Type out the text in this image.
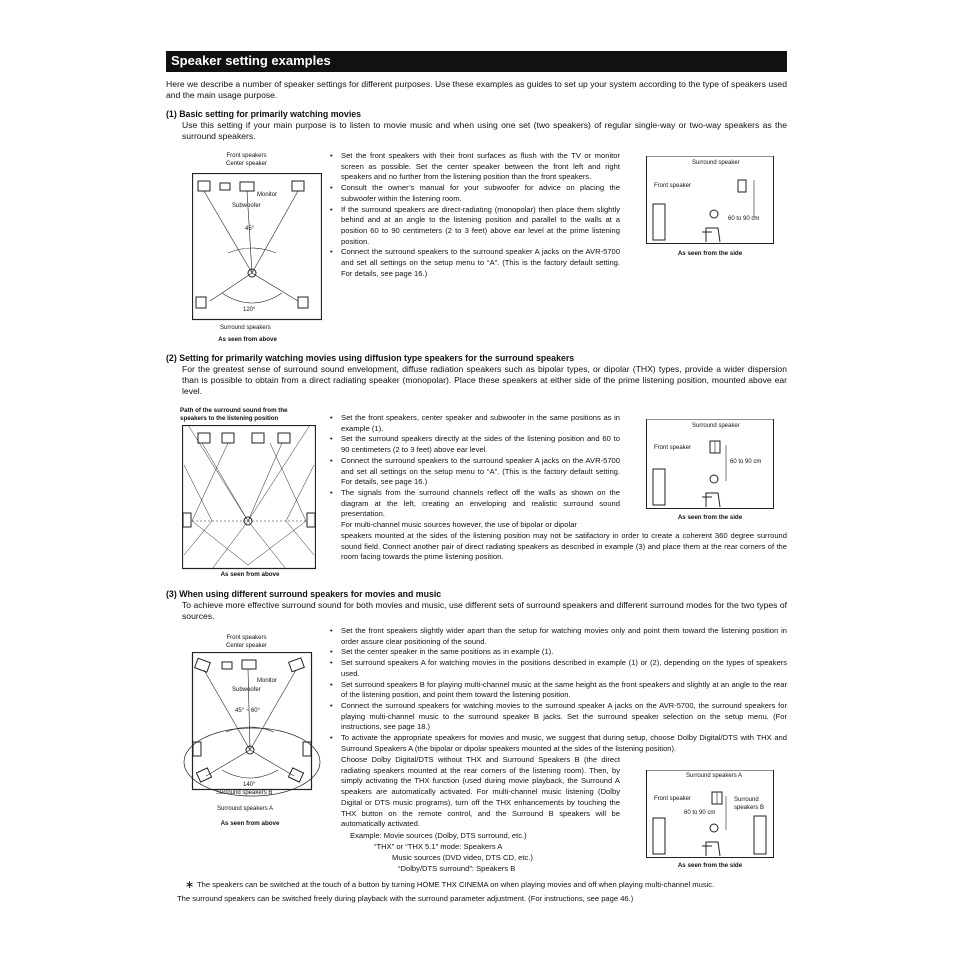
Speaker setting examples
Here we describe a number of speaker settings for different purposes. Use these examples as guides to set up your system according to the type of speakers used and the main usage purpose.
(1) Basic setting for primarily watching movies
Use this setting if your main purpose is to listen to movie music and when using one set (two speakers) of regular single-way or two-way speakers as the surround speakers.
Front speakers
Center speaker
Monitor
Subwoofer
45°
120°
Surround speakers
As seen from above
• Set the front speakers with their front surfaces as flush with the TV or monitor screen as possible. Set the center speaker between the front left and right speakers and no further from the listening position than the front speakers.
• Consult the owner’s manual for your subwoofer for advice on placing the subwoofer within the listening room.
• If the surround speakers are direct-radiating (monopolar) then place them slightly behind and at an angle to the listening position and parallel to the walls at a position 60 to 90 centimeters (2 to 3 feet) above ear level at the prime listening position.
• Connect the surround speakers to the surround speaker A jacks on the AVR-5700 and set all settings on the setup menu to “A”. (This is the factory default setting. For details, see page 16.)
Surround speaker
Front speaker
60 to 90 cm
As seen from the side
(2) Setting for primarily watching movies using diffusion type speakers for the surround speakers
For the greatest sense of surround sound envelopment, diffuse radiation speakers such as bipolar types, or dipolar (THX) types, provide a wider dispersion than is possible to obtain from a direct radiating speaker (monopolar). Place these speakers at either side of the prime listening position, mounted above ear level.
Path of the surround sound from the speakers to the listening position
As seen from above
• Set the front speakers, center speaker and subwoofer in the same positions as in example (1).
• Set the surround speakers directly at the sides of the listening position and 60 to 90 centimeters (2 to 3 feet) above ear level.
• Connect the surround speakers to the surround speaker A jacks on the AVR-5700 and set all settings on the setup menu to “A”. (This is the factory default setting. For details, see page 16.)
• The signals from the surround channels reflect off the walls as shown on the diagram at the left, creating an enveloping and realistic surround sound presentation.
For multi-channel music sources however, the use of bipolar or dipolar
speakers mounted at the sides of the listening position may not be satifactory in order to create a coherent 360 degree surround sound field. Connect another pair of direct radiating speakers as described in example (3) and place them at the rear corners of the room facing towards the prime listening position.
Surround speaker
Front speaker
60 to 90 cm
As seen from the side
(3) When using different surround speakers for movies and music
To achieve more effective surround sound for both movies and music, use different sets of surround speakers and different surround modes for the two types of sources.
Front speakers
Center speaker
Monitor
Subwoofer
45° ~ 60°
140°
Surround speakers B
Surround speakers A
As seen from above
• Set the front speakers slightly wider apart than the setup for watching movies only and point them toward the listening position in order assure clear positioning of the sound.
• Set the center speaker in the same positions as in example (1).
• Set surround speakers A for watching movies in the positions described in example (1) or (2), depending on the types of speakers used.
• Set surround speakers B for playing multi-channel music at the same height as the front speakers and slightly at an angle to the rear of the listening position, and point them toward the listening position.
• Connect the surround speakers for watching movies to the surround speaker A jacks on the AVR-5700, the surround speakers for playing multi-channel music to the surround speaker B jacks. Set the surround speaker selection on the setup menu. (For instructions, see page 18.)
• To activate the appropriate speakers for movies and music, we suggest that during setup, choose Dolby Digital/DTS with THX and Surround Speakers A (the bipolar or dipolar speakers mounted at the sides of the listening position).
Choose Dolby Digital/DTS without THX and Surround Speakers B (the direct radiating speakers mounted at the rear corners of the listening room). Then, by simply activating the THX function (used during movie playback, the Surround A speakers are automatically activated. For multi-channel music listening (Dolby Digital or DTS music programs), turn off the THX enhancements by touching the THX button on the remote control, and the Surround B speakers will be automatically activated.
Example: Movie sources (Dolby, DTS surround, etc.)
“THX” or “THX 5.1” mode: Speakers A
Music sources (DVD video, DTS CD, etc.)
“Dolby/DTS surround”: Speakers B
Surround speakers A
Front speaker
60 to 90 cm
Surround
speakers B
As seen from the side
∗ The speakers can be switched at the touch of a button by turning HOME THX CINEMA on when playing movies and off when playing multi-channel music.
The surround speakers can be switched freely during playback with the surround parameter adjustment. (For instructions, see page 46.)
